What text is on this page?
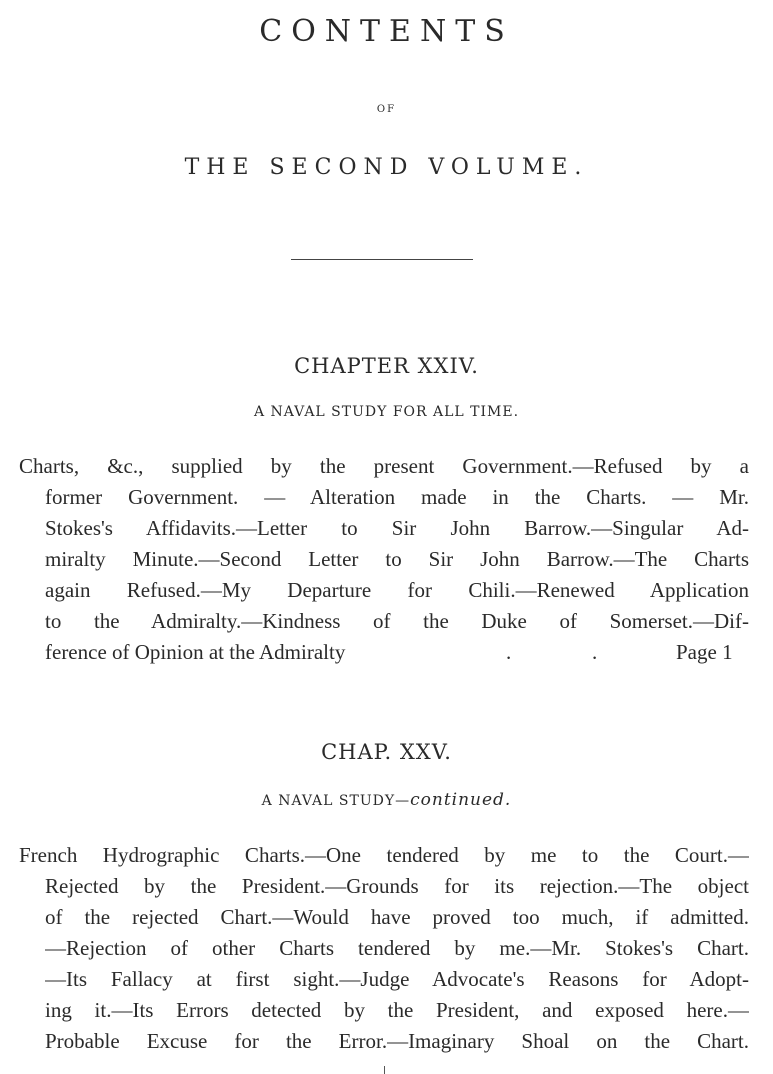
CONTENTS
OF
THE SECOND VOLUME.
CHAPTER XXIV.
A NAVAL STUDY FOR ALL TIME.
Charts, &c., supplied by the present Government.—Refused by a
former Government. — Alteration made in the Charts. — Mr.
Stokes's Affidavits.—Letter to Sir John Barrow.—Singular Ad-
miralty Minute.—Second Letter to Sir John Barrow.—The Charts
again Refused.—My Departure for Chili.—Renewed Application
to the Admiralty.—Kindness of the Duke of Somerset.—Dif-
ference of Opinion at the Admiralty	.	.	Page 1
CHAP. XXV.
A NAVAL STUDY—continued.
French Hydrographic Charts.—One tendered by me to the Court.—
Rejected by the President.—Grounds for its rejection.—The object
of the rejected Chart.—Would have proved too much, if admitted.
—Rejection of other Charts tendered by me.—Mr. Stokes's Chart.
—Its Fallacy at first sight.—Judge Advocate's Reasons for Adopt-
ing it.—Its Errors detected by the President, and exposed here.—
Probable Excuse for the Error.—Imaginary Shoal on the Chart.
